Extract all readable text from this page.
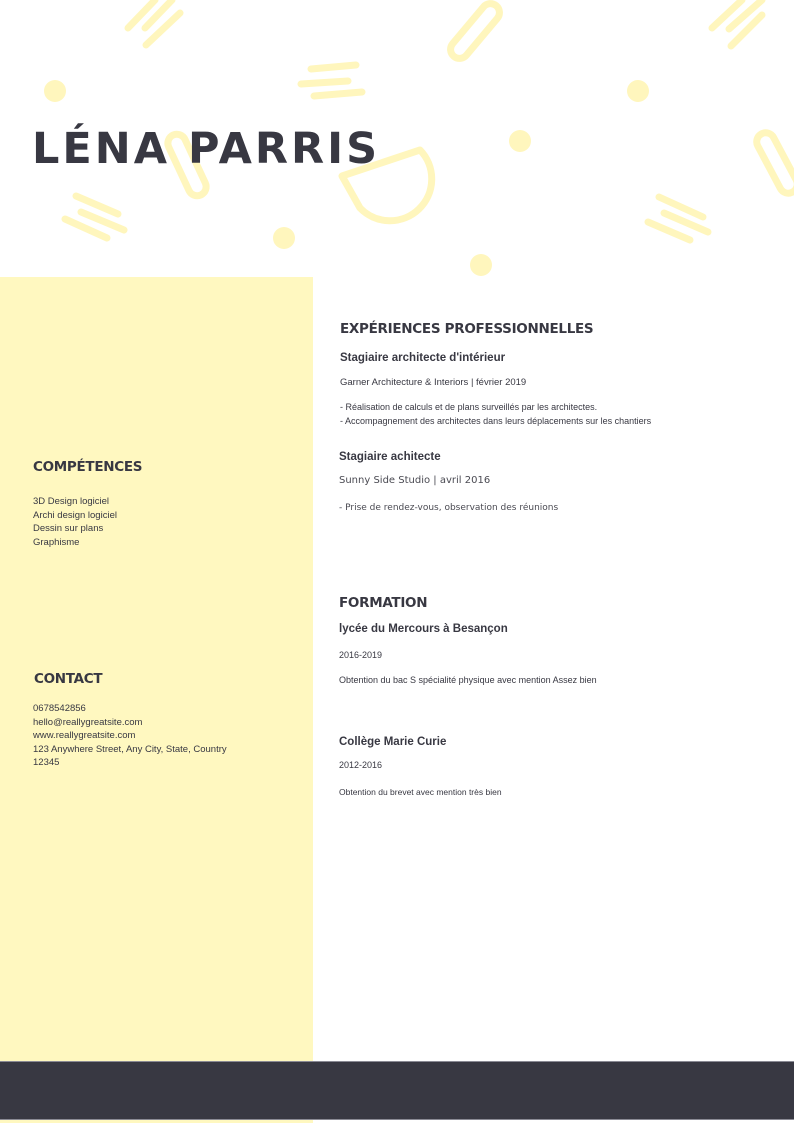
LÉNA PARRIS
COMPÉTENCES
3D Design logiciel
Archi design logiciel
Dessin sur plans
Graphisme
CONTACT
0678542856
hello@reallygreatsite.com
www.reallygreatsite.com
123 Anywhere Street, Any City, State, Country
12345
EXPÉRIENCES PROFESSIONNELLES

Stagiaire architecte d'intérieur

Garner Architecture & Interiors | février 2019

- Réalisation de calculs et de plans surveillés par les architectes.

- Accompagnement des architectes dans leurs déplacements sur les chantiers

Stagiaire achitecte

Sunny Side Studio | avril 2016

- Prise de rendez-vous, observation des réunions

FORMATION

lycée du Mercours à Besançon

2016-2019

Obtention du bac S spécialité physique avec mention Assez bien

Collège Marie Curie

2012-2016

Obtention du brevet avec mention très bien
